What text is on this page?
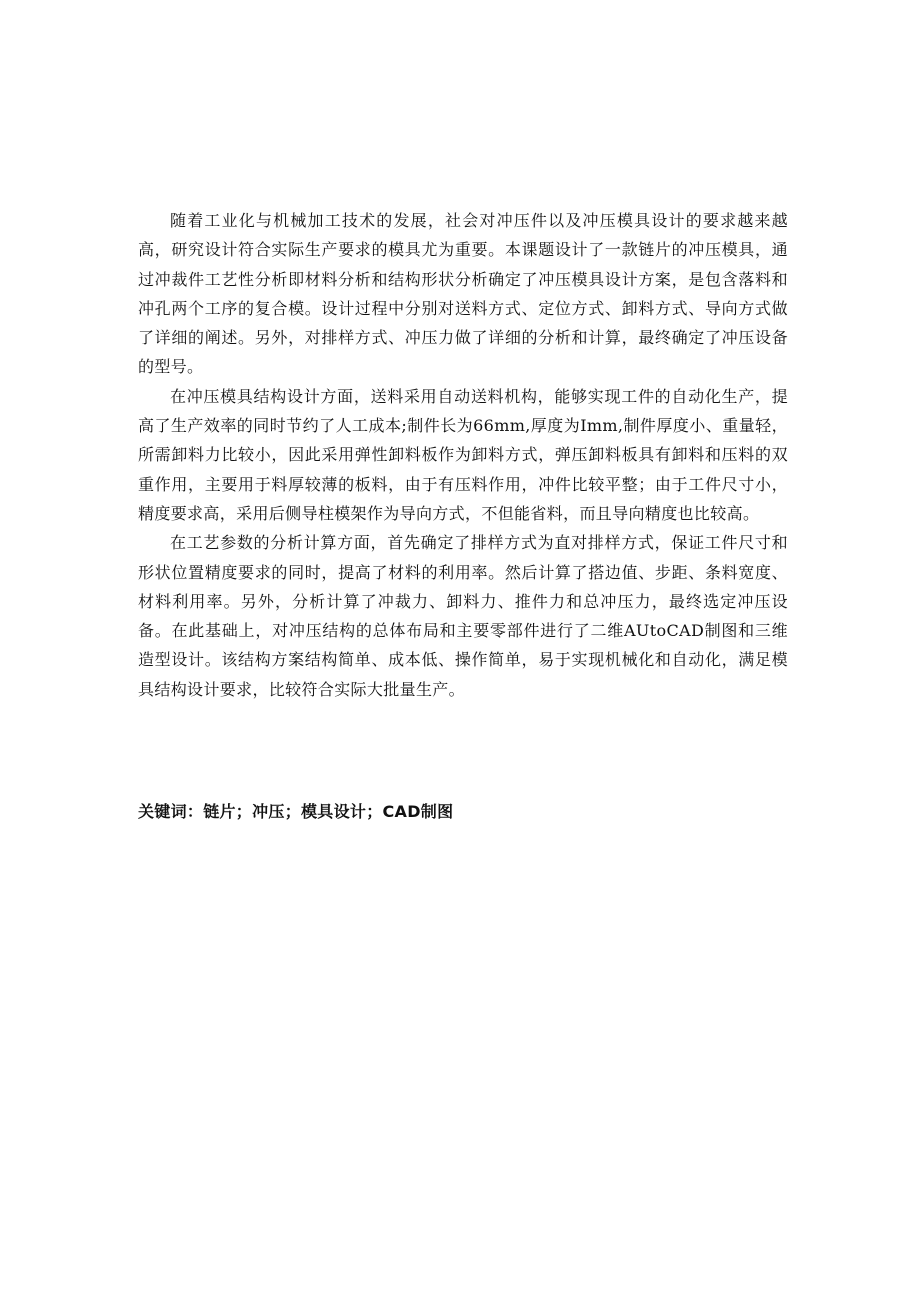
随着工业化与机械加工技术的发展，社会对冲压件以及冲压模具设计的要求越来越高，研究设计符合实际生产要求的模具尤为重要。本课题设计了一款链片的冲压模具，通过冲裁件工艺性分析即材料分析和结构形状分析确定了冲压模具设计方案，是包含落料和冲孔两个工序的复合模。设计过程中分别对送料方式、定位方式、卸料方式、导向方式做了详细的阐述。另外，对排样方式、冲压力做了详细的分析和计算，最终确定了冲压设备的型号。

在冲压模具结构设计方面，送料采用自动送料机构，能够实现工件的自动化生产，提高了生产效率的同时节约了人工成本;制件长为66mm,厚度为Imm,制件厚度小、重量轻，所需卸料力比较小，因此采用弹性卸料板作为卸料方式，弹压卸料板具有卸料和压料的双重作用，主要用于料厚较薄的板料，由于有压料作用，冲件比较平整；由于工件尺寸小，精度要求高，采用后侧导柱模架作为导向方式，不但能省料，而且导向精度也比较高。

在工艺参数的分析计算方面，首先确定了排样方式为直对排样方式，保证工件尺寸和形状位置精度要求的同时，提高了材料的利用率。然后计算了搭边值、步距、条料宽度、材料利用率。另外，分析计算了冲裁力、卸料力、推件力和总冲压力，最终选定冲压设备。在此基础上，对冲压结构的总体布局和主要零部件进行了二维AUtoCAD制图和三维造型设计。该结构方案结构简单、成本低、操作简单，易于实现机械化和自动化，满足模具结构设计要求，比较符合实际大批量生产。

关键词：链片；冲压；模具设计；CAD制图
